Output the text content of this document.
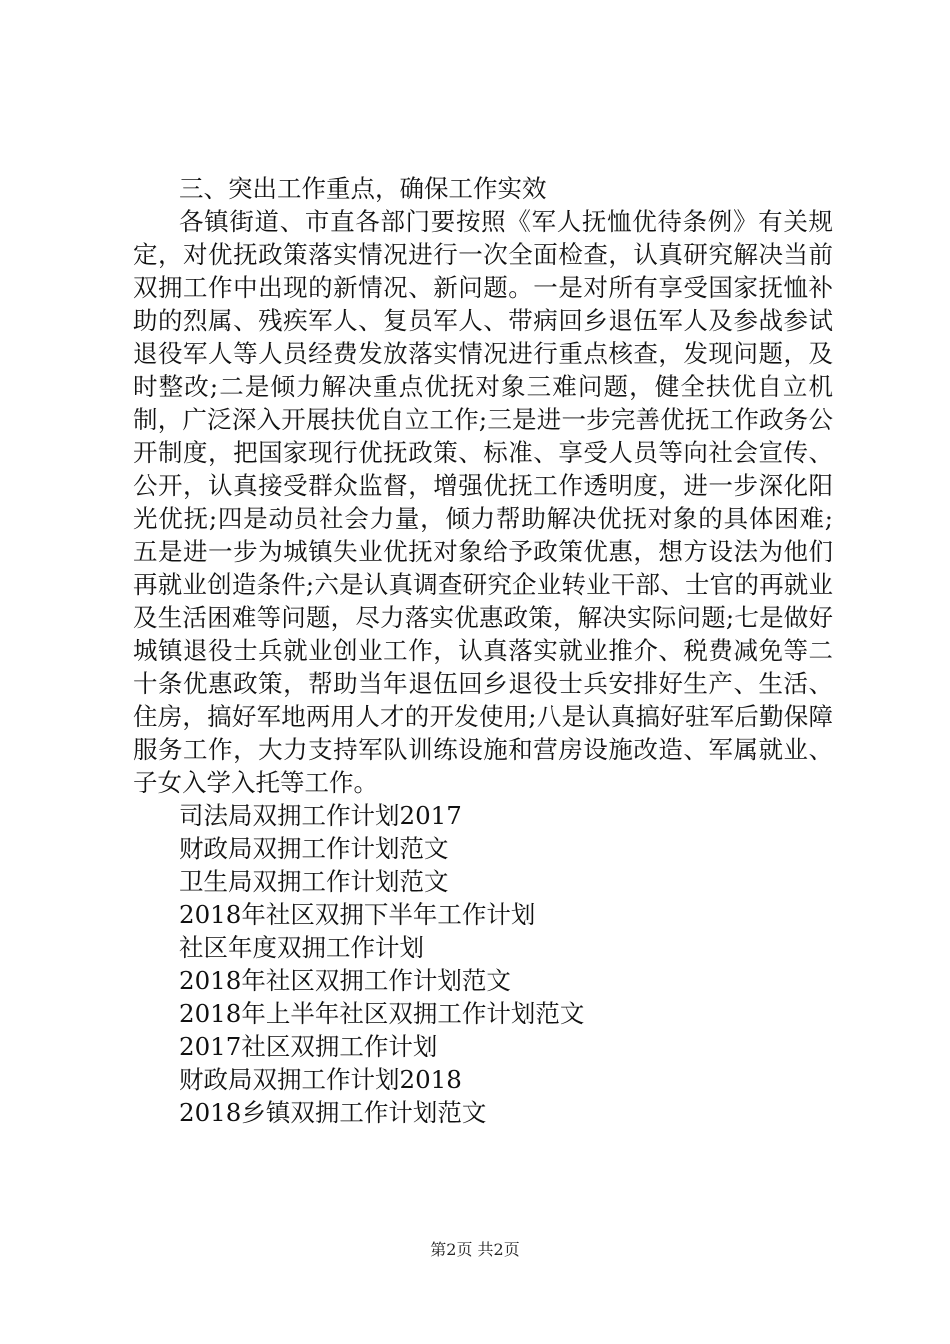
三、突出工作重点，确保工作实效

各镇街道、市直各部门要按照《军人抚恤优待条例》有关规定，对优抚政策落实情况进行一次全面检查，认真研究解决当前双拥工作中出现的新情况、新问题。一是对所有享受国家抚恤补助的烈属、残疾军人、复员军人、带病回乡退伍军人及参战参试退役军人等人员经费发放落实情况进行重点核查，发现问题，及时整改;二是倾力解决重点优抚对象三难问题，健全扶优自立机制，广泛深入开展扶优自立工作;三是进一步完善优抚工作政务公开制度，把国家现行优抚政策、标准、享受人员等向社会宣传、公开，认真接受群众监督，增强优抚工作透明度，进一步深化阳光优抚;四是动员社会力量，倾力帮助解决优抚对象的具体困难;五是进一步为城镇失业优抚对象给予政策优惠，想方设法为他们再就业创造条件;六是认真调查研究企业转业干部、士官的再就业及生活困难等问题，尽力落实优惠政策，解决实际问题;七是做好城镇退役士兵就业创业工作，认真落实就业推介、税费减免等二十条优惠政策，帮助当年退伍回乡退役士兵安排好生产、生活、住房，搞好军地两用人才的开发使用;八是认真搞好驻军后勤保障服务工作，大力支持军队训练设施和营房设施改造、军属就业、子女入学入托等工作。

司法局双拥工作计划2017
财政局双拥工作计划范文
卫生局双拥工作计划范文
2018年社区双拥下半年工作计划
社区年度双拥工作计划
2018年社区双拥工作计划范文
2018年上半年社区双拥工作计划范文
2017社区双拥工作计划
财政局双拥工作计划2018
2018乡镇双拥工作计划范文
第2页 共2页
